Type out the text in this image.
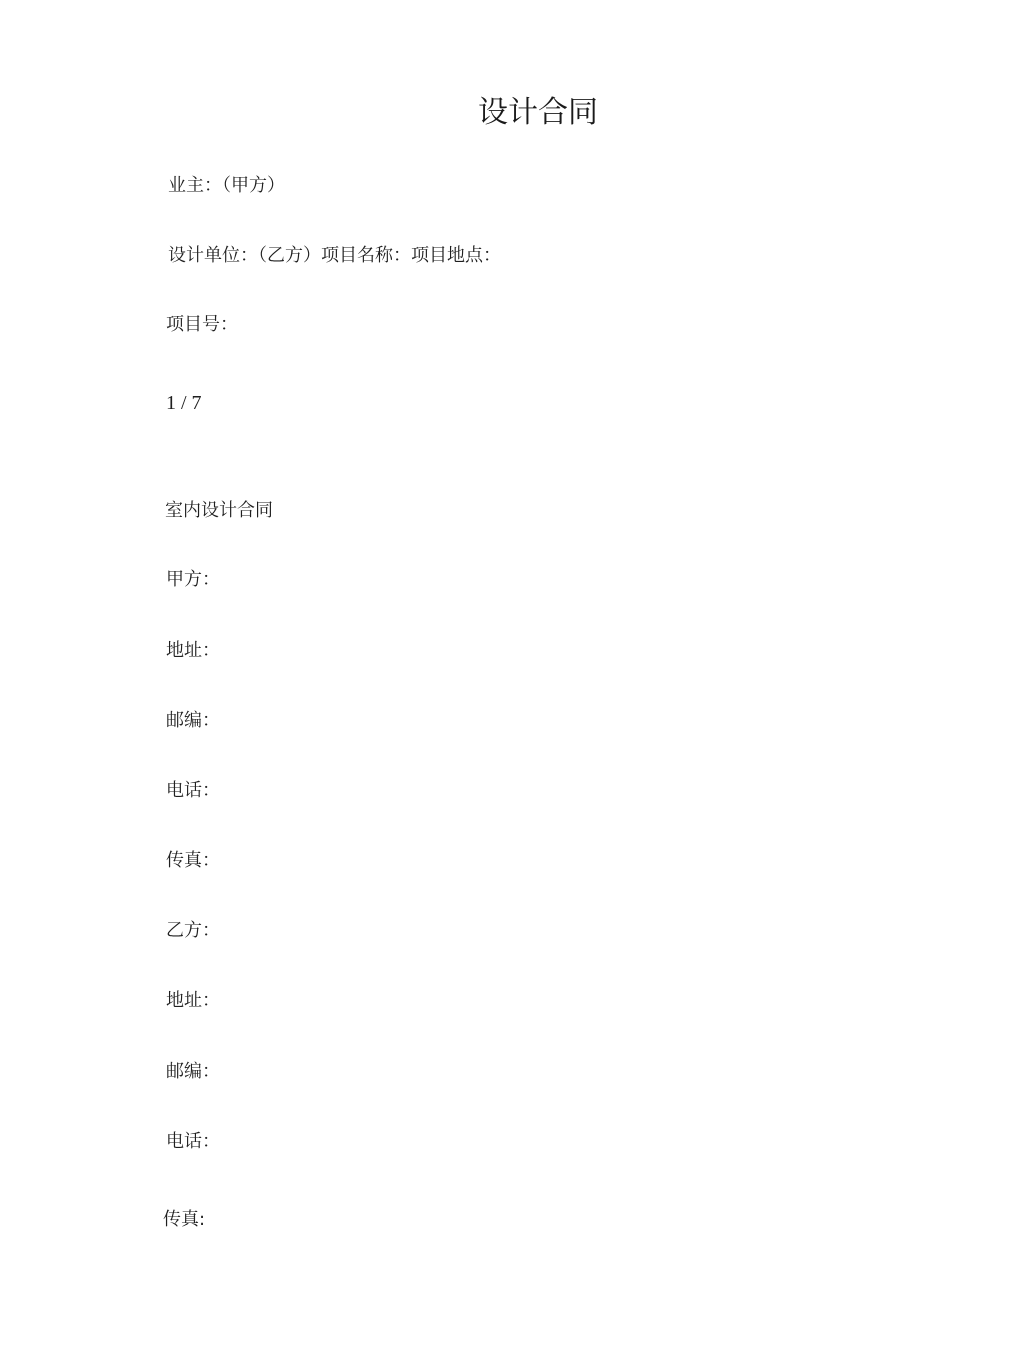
设计合同
业主：（甲方）
设计单位：（乙方）项目名称：项目地点：
项目号：
1 / 7
室内设计合同
甲方：
地址：
邮编：
电话：
传真：
乙方：
地址：
邮编：
电话：
传真:
